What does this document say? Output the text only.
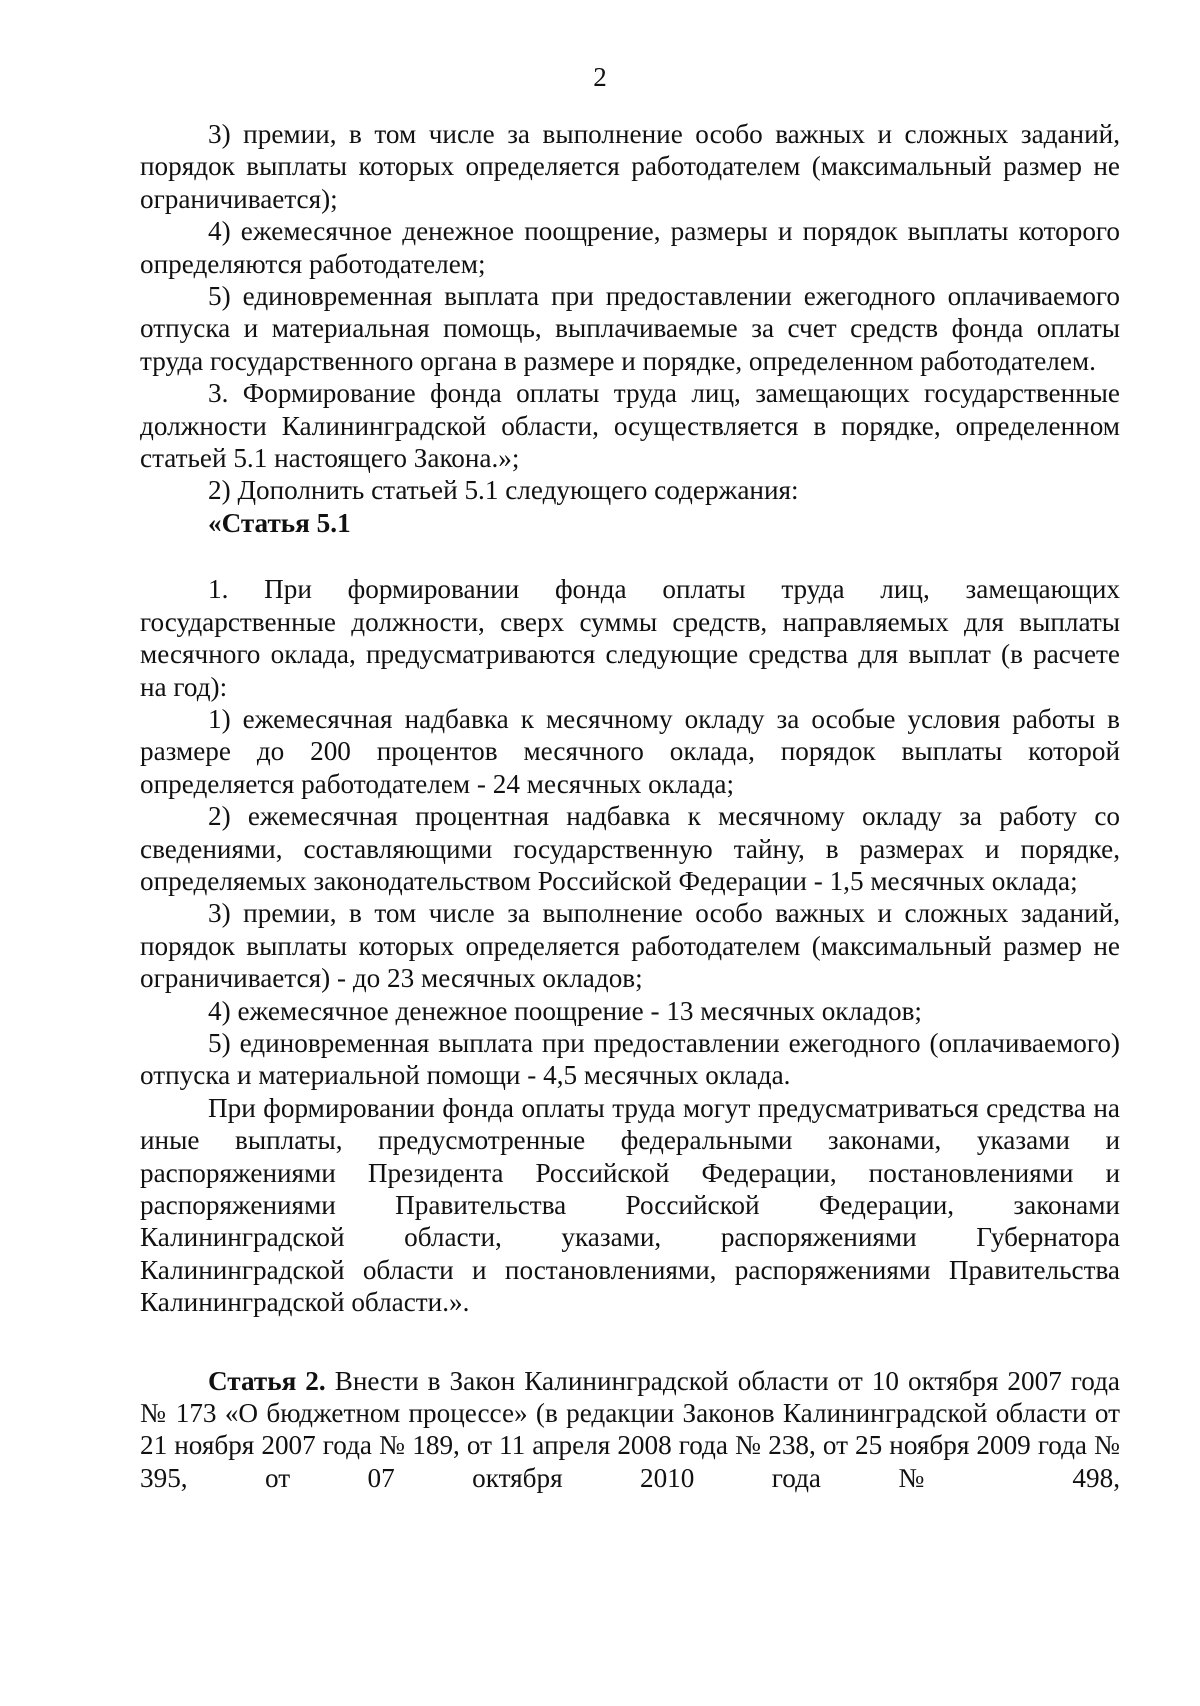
2

3) премии, в том числе за выполнение особо важных и сложных заданий, порядок выплаты которых определяется работодателем (максимальный размер не ограничивается);

4) ежемесячное денежное поощрение, размеры и порядок выплаты которого определяются работодателем;

5) единовременная выплата при предоставлении ежегодного оплачиваемого отпуска и материальная помощь, выплачиваемые за счет средств фонда оплаты труда государственного органа в размере и порядке, определенном работодателем.

3. Формирование фонда оплаты труда лиц, замещающих государственные должности Калининградской области, осуществляется в порядке, определенном статьей 5.1 настоящего Закона.»;

2) Дополнить статьей 5.1 следующего содержания:

«Статья 5.1

1. При формировании фонда оплаты труда лиц, замещающих государственные должности, сверх суммы средств, направляемых для выплаты месячного оклада, предусматриваются следующие средства для выплат (в расчете на год):

1) ежемесячная надбавка к месячному окладу за особые условия работы в размере до 200 процентов месячного оклада, порядок выплаты которой определяется работодателем - 24 месячных оклада;

2) ежемесячная процентная надбавка к месячному окладу за работу со сведениями, составляющими государственную тайну, в размерах и порядке, определяемых законодательством Российской Федерации - 1,5 месячных оклада;

3) премии, в том числе за выполнение особо важных и сложных заданий, порядок выплаты которых определяется работодателем (максимальный размер не ограничивается) - до 23 месячных окладов;

4) ежемесячное денежное поощрение - 13 месячных окладов;

5) единовременная выплата при предоставлении ежегодного (оплачиваемого) отпуска и материальной помощи - 4,5 месячных оклада.

При формировании фонда оплаты труда могут предусматриваться средства на иные выплаты, предусмотренные федеральными законами, указами и распоряжениями Президента Российской Федерации, постановлениями и распоряжениями Правительства Российской Федерации, законами Калининградской области, указами, распоряжениями Губернатора Калининградской области и постановлениями, распоряжениями Правительства Калининградской области.».

Статья 2. Внести в Закон Калининградской области от 10 октября 2007 года № 173 «О бюджетном процессе» (в редакции Законов Калининградской области от 21 ноября 2007 года № 189, от 11 апреля 2008 года № 238, от 25 ноября 2009 года № 395, от 07 октября 2010 года № 498,
